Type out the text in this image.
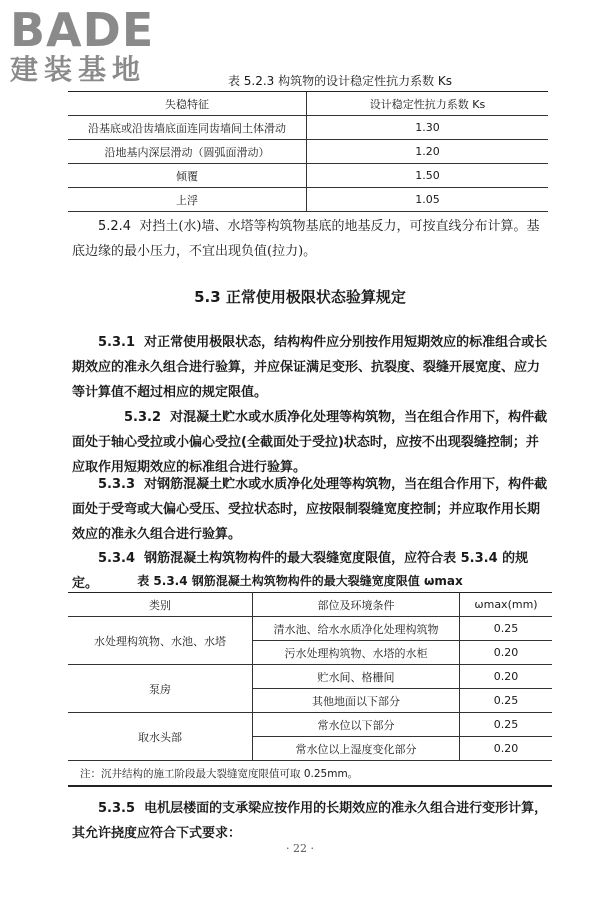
BADE
建装基地	表 5.2.3 构筑物的设计稳定性抗力系数 Ks
失稳特征	设计稳定性抗力系数 Ks
沿基底或沿齿墙底面连同齿墙间土体滑动	1.30
沿地基内深层滑动（圆弧面滑动）	1.20
倾覆	1.50
上浮	1.05
5.2.4 对挡土(水)墙、水塔等构筑物基底的地基反力，可按直线分布计算。基底边缘的最小压力，不宜出现负值(拉力)。
5.3 正常使用极限状态验算规定
5.3.1 对正常使用极限状态，结构构件应分别按作用短期效应的标准组合或长期效应的准永久组合进行验算，并应保证满足变形、抗裂度、裂缝开展宽度、应力等计算值不超过相应的规定限值。
5.3.2 对混凝土贮水或水质净化处理等构筑物，当在组合作用下，构件截面处于轴心受拉或小偏心受拉(全截面处于受拉)状态时，应按不出现裂缝控制；并应取作用短期效应的标准组合进行验算。
5.3.3 对钢筋混凝土贮水或水质净化处理等构筑物，当在组合作用下，构件截面处于受弯或大偏心受压、受拉状态时，应按限制裂缝宽度控制；并应取作用长期效应的准永久组合进行验算。
5.3.4 钢筋混凝土构筑物构件的最大裂缝宽度限值，应符合表 5.3.4 的规定。	表 5.3.4 钢筋混凝土构筑物构件的最大裂缝宽度限值 ωmax
类别	部位及环境条件	ωmax(mm)
水处理构筑物、水池、水塔	清水池、给水水质净化处理构筑物	0.25
	污水处理构筑物、水塔的水柜	0.20
泵房	贮水间、格栅间	0.20
	其他地面以下部分	0.25
取水头部	常水位以下部分	0.25
	常水位以上湿度变化部分	0.20
注：沉井结构的施工阶段最大裂缝宽度限值可取 0.25mm。
5.3.5 电机层楼面的支承梁应按作用的长期效应的准永久组合进行变形计算，其允许挠度应符合下式要求：
· 22 ·
